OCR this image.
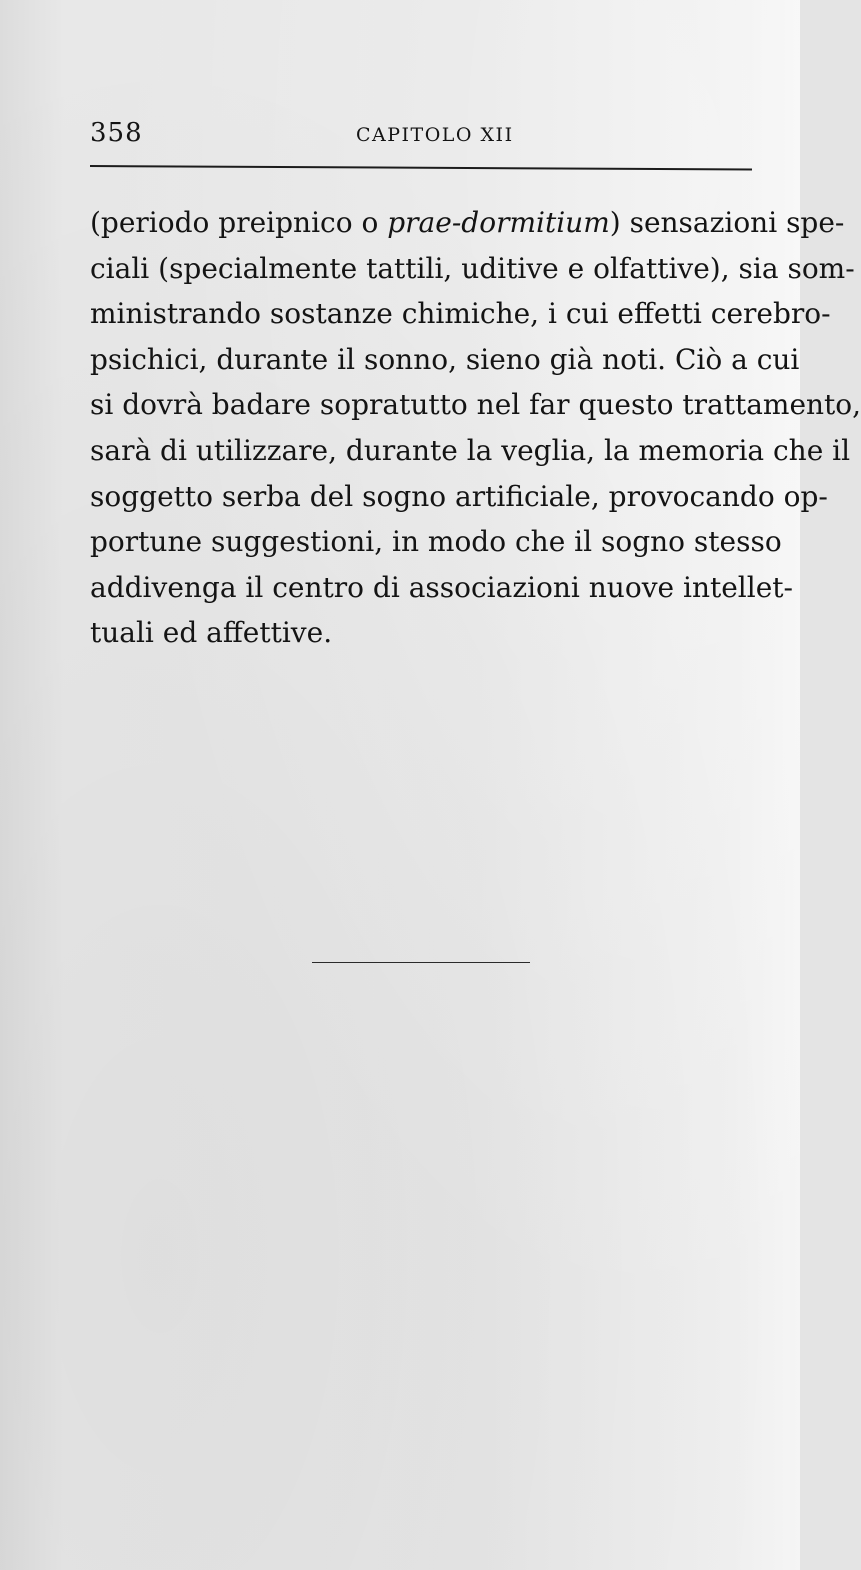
358	CAPITOLO XII
(periodo preipnico o prae-dormitium) sensazioni spe-
ciali (specialmente tattili, uditive e olfattive), sia som-
ministrando sostanze chimiche, i cui effetti cerebro-
psichici, durante il sonno, sieno già noti. Ciò a cui
si dovrà badare sopratutto nel far questo trattamento,
sarà di utilizzare, durante la veglia, la memoria che il
soggetto serba del sogno artificiale, provocando op-
portune suggestioni, in modo che il sogno stesso
addivenga il centro di associazioni nuove intellet-
tuali ed affettive.
